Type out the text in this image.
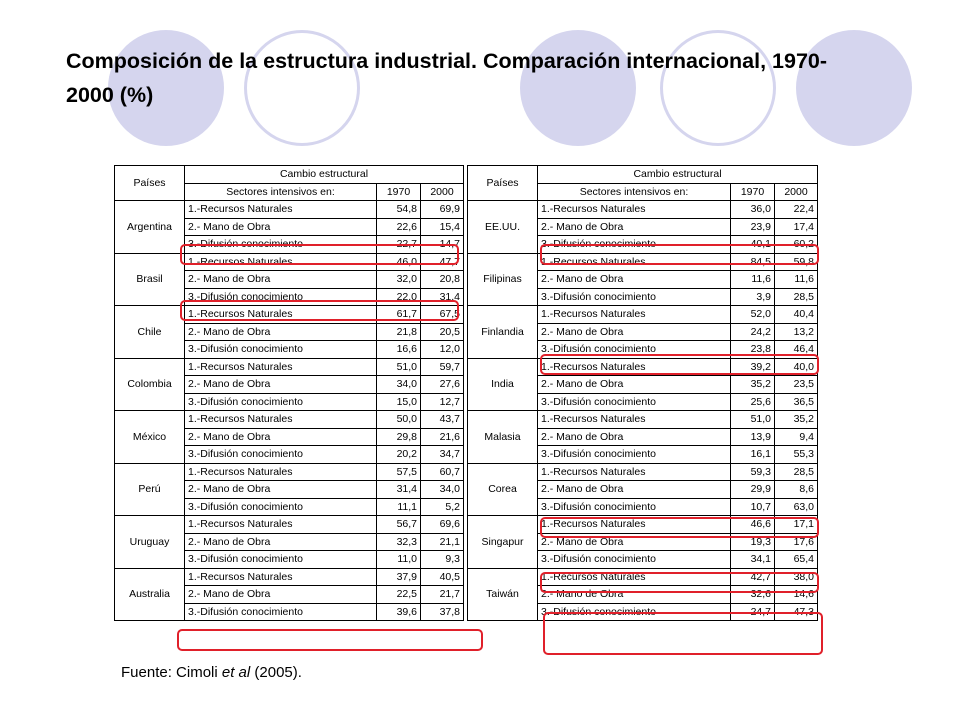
Composición de la estructura industrial. Comparación internacional, 1970-2000 (%)
Países	Cambio estructural		
	Sectores intensivos en:	1970	2000
Argentina	1.-Recursos Naturales	54,8	69,9
	2.- Mano de Obra	22,6	15,4
	3.-Difusión conocimiento	22,7	14,7
Brasil	1.-Recursos Naturales	46,0	47,7
	2.- Mano de Obra	32,0	20,8
	3.-Difusión conocimiento	22,0	31,4
Chile	1.-Recursos Naturales	61,7	67,5
	2.- Mano de Obra	21,8	20,5
	3.-Difusión conocimiento	16,6	12,0
Colombia	1.-Recursos Naturales	51,0	59,7
	2.- Mano de Obra	34,0	27,6
	3.-Difusión conocimiento	15,0	12,7
México	1.-Recursos Naturales	50,0	43,7
	2.- Mano de Obra	29,8	21,6
	3.-Difusión conocimiento	20,2	34,7
Perú	1.-Recursos Naturales	57,5	60,7
	2.- Mano de Obra	31,4	34,0
	3.-Difusión conocimiento	11,1	5,2
Uruguay	1.-Recursos Naturales	56,7	69,6
	2.- Mano de Obra	32,3	21,1
	3.-Difusión conocimiento	11,0	9,3
Australia	1.-Recursos Naturales	37,9	40,5
	2.- Mano de Obra	22,5	21,7
	3.-Difusión conocimiento	39,6	37,8
Países	Cambio estructural		
	Sectores intensivos en:	1970	2000
EE.UU.	1.-Recursos Naturales	36,0	22,4
	2.- Mano de Obra	23,9	17,4
	3.-Difusión conocimiento	40,1	60,2
Filipinas	1.-Recursos Naturales	84,5	59,8
	2.- Mano de Obra	11,6	11,6
	3.-Difusión conocimiento	3,9	28,5
Finlandia	1.-Recursos Naturales	52,0	40,4
	2.- Mano de Obra	24,2	13,2
	3.-Difusión conocimiento	23,8	46,4
India	1.-Recursos Naturales	39,2	40,0
	2.- Mano de Obra	35,2	23,5
	3.-Difusión conocimiento	25,6	36,5
Malasia	1.-Recursos Naturales	51,0	35,2
	2.- Mano de Obra	13,9	9,4
	3.-Difusión conocimiento	16,1	55,3
Corea	1.-Recursos Naturales	59,3	28,5
	2.- Mano de Obra	29,9	8,6
	3.-Difusión conocimiento	10,7	63,0
Singapur	1.-Recursos Naturales	46,6	17,1
	2.- Mano de Obra	19,3	17,6
	3.-Difusión conocimiento	34,1	65,4
Taiwán	1.-Recursos Naturales	42,7	38,0
	2.- Mano de Obra	32,6	14,6
	3.-Difusión conocimiento	24,7	47,3
Fuente: Cimoli et al (2005).
